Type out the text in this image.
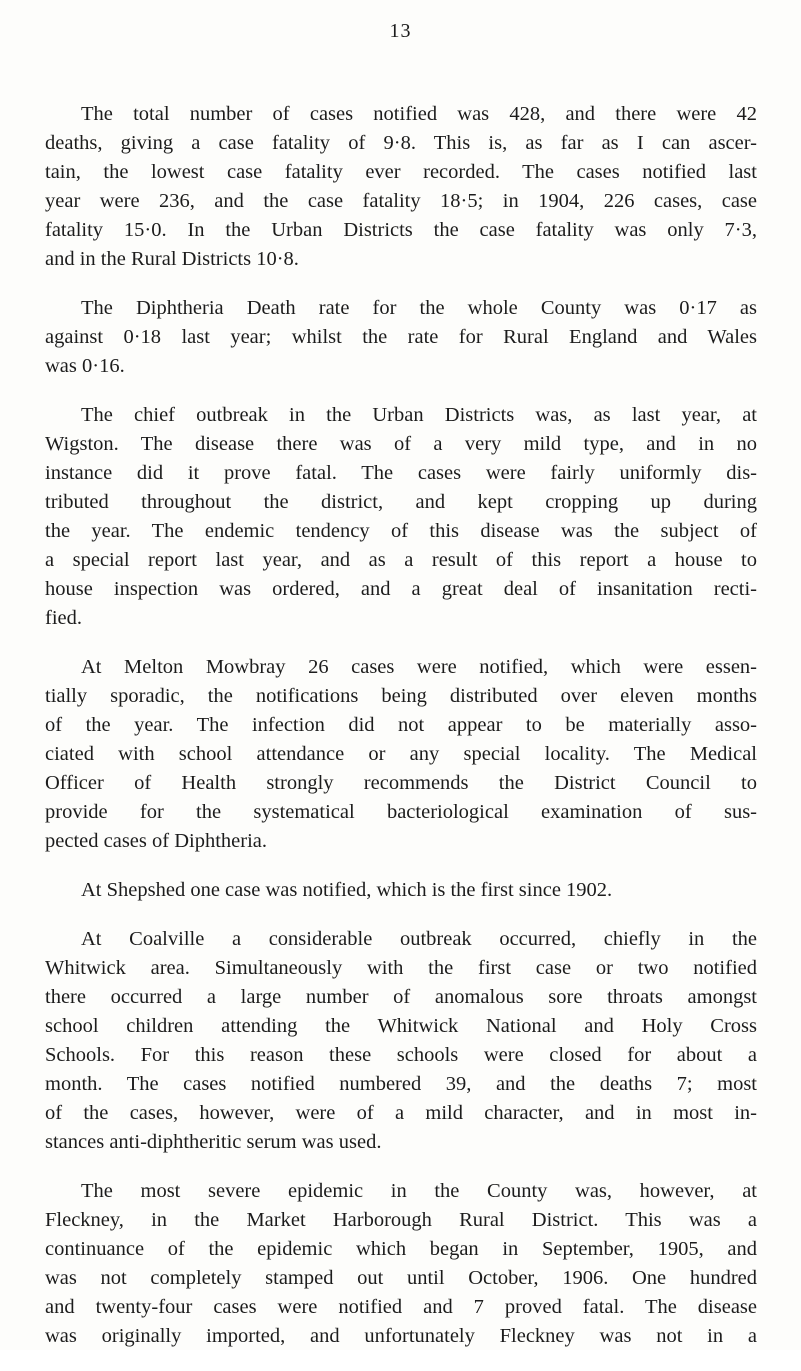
13
The total number of cases notified was 428, and there were 42
deaths, giving a case fatality of 9·8. This is, as far as I can ascer-
tain, the lowest case fatality ever recorded. The cases notified last
year were 236, and the case fatality 18·5; in 1904, 226 cases, case
fatality 15·0. In the Urban Districts the case fatality was only 7·3,
and in the Rural Districts 10·8.
The Diphtheria Death rate for the whole County was 0·17 as
against 0·18 last year; whilst the rate for Rural England and Wales
was 0·16.
The chief outbreak in the Urban Districts was, as last year, at
Wigston. The disease there was of a very mild type, and in no
instance did it prove fatal. The cases were fairly uniformly dis-
tributed throughout the district, and kept cropping up during
the year. The endemic tendency of this disease was the subject of
a special report last year, and as a result of this report a house to
house inspection was ordered, and a great deal of insanitation recti-
fied.
At Melton Mowbray 26 cases were notified, which were essen-
tially sporadic, the notifications being distributed over eleven months
of the year. The infection did not appear to be materially asso-
ciated with school attendance or any special locality. The Medical
Officer of Health strongly recommends the District Council to
provide for the systematical bacteriological examination of sus-
pected cases of Diphtheria.
At Shepshed one case was notified, which is the first since 1902.
At Coalville a considerable outbreak occurred, chiefly in the
Whitwick area. Simultaneously with the first case or two notified
there occurred a large number of anomalous sore throats amongst
school children attending the Whitwick National and Holy Cross
Schools. For this reason these schools were closed for about a
month. The cases notified numbered 39, and the deaths 7; most
of the cases, however, were of a mild character, and in most in-
stances anti-diphtheritic serum was used.
The most severe epidemic in the County was, however, at
Fleckney, in the Market Harborough Rural District. This was a
continuance of the epidemic which began in September, 1905, and
was not completely stamped out until October, 1906. One hundred
and twenty-four cases were notified and 7 proved fatal. The disease
was originally imported, and unfortunately Fleckney was not in a
